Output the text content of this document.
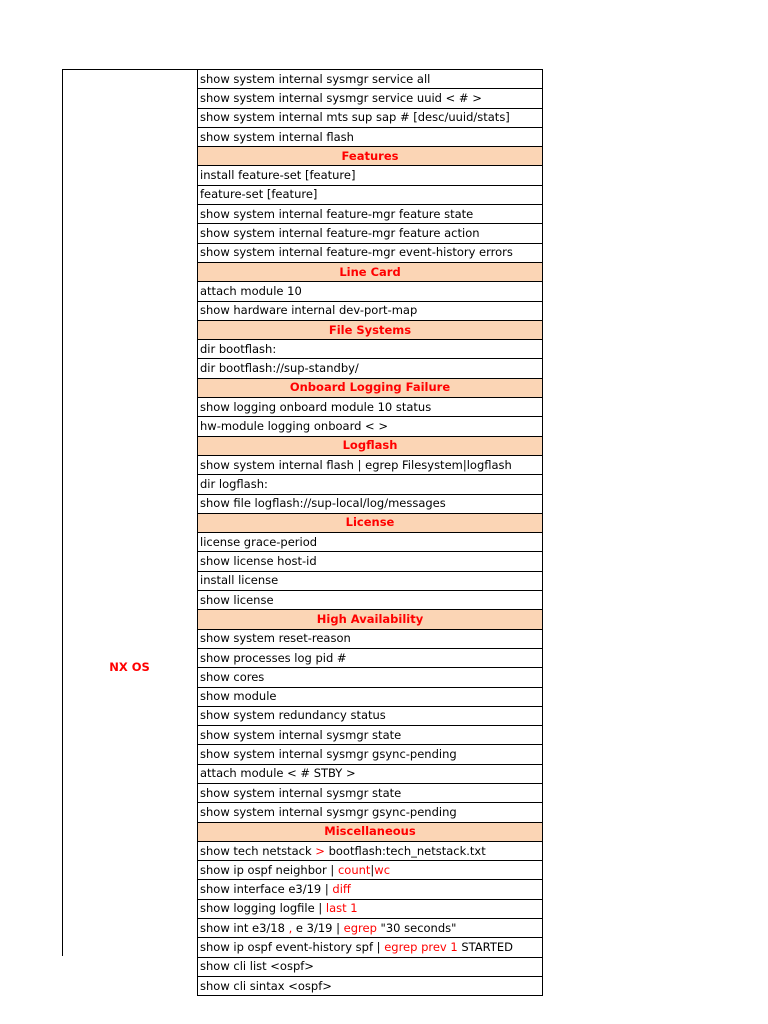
NX OS
show system internal sysmgr service all
show system internal sysmgr service uuid < # >
show system internal mts sup sap # [desc/uuid/stats]
show system internal flash
Features
install feature-set [feature]
feature-set [feature]
show system internal feature-mgr feature state
show system internal feature-mgr feature action
show system internal feature-mgr event-history errors
Line Card
attach module 10
show hardware internal dev-port-map
File Systems
dir bootflash:
dir bootflash://sup-standby/
Onboard Logging Failure
show logging onboard module 10 status
hw-module logging onboard < >
Logflash
show system internal flash | egrep Filesystem|logflash
dir logflash:
show file logflash://sup-local/log/messages
License
license grace-period
show license host-id
install license
show license
High Availability
show system reset-reason
show processes log pid #
show cores
show module
show system redundancy status
show system internal sysmgr state
show system internal sysmgr gsync-pending
attach module < # STBY >
show system internal sysmgr state
show system internal sysmgr gsync-pending
Miscellaneous
show tech netstack > bootflash:tech_netstack.txt
show ip ospf neighbor | count|wc
show interface e3/19 | diff
show logging logfile | last 1
show int e3/18 , e 3/19 | egrep "30 seconds"
show ip ospf event-history spf | egrep prev 1 STARTED
show cli list <ospf>
show cli sintax <ospf>
